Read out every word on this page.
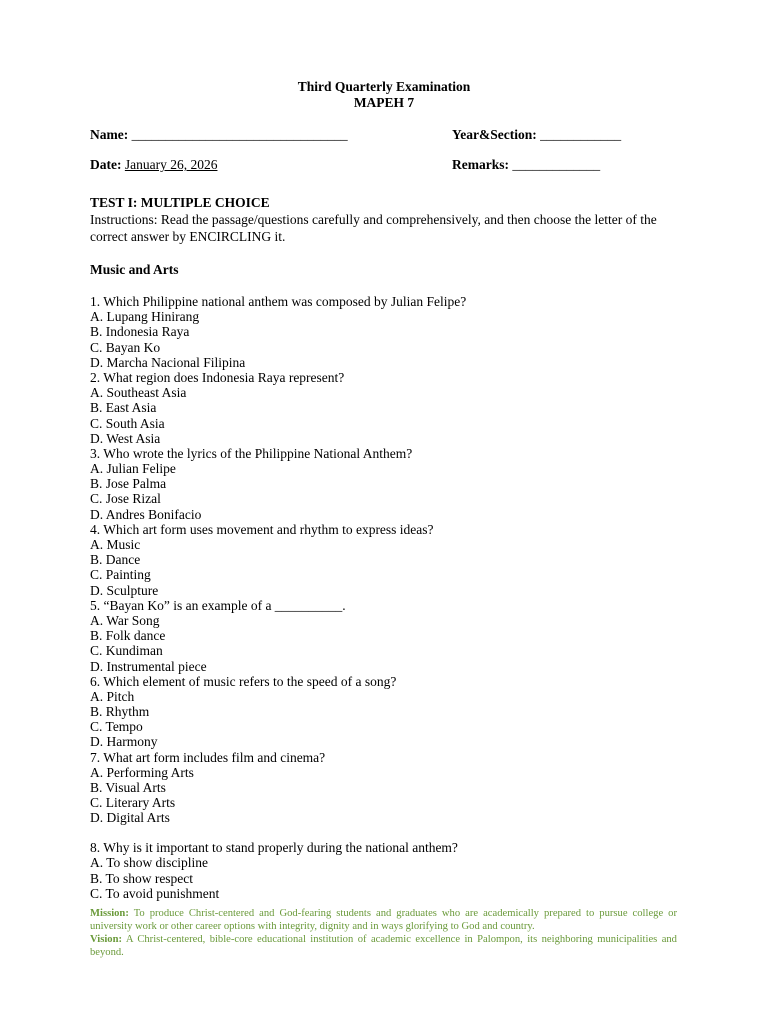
Third Quarterly Examination
MAPEH 7
Name: ________________________________	Year&Section: ____________
Date: January 26, 2026	Remarks: _____________
TEST I: MULTIPLE CHOICE
Instructions: Read the passage/questions carefully and comprehensively, and then choose the letter of the correct answer by ENCIRCLING it.
Music and Arts
1. Which Philippine national anthem was composed by Julian Felipe?
A. Lupang Hinirang
B. Indonesia Raya
C. Bayan Ko
D. Marcha Nacional Filipina
2. What region does Indonesia Raya represent?
A. Southeast Asia
B. East Asia
C. South Asia
D. West Asia
3. Who wrote the lyrics of the Philippine National Anthem?
A. Julian Felipe
B. Jose Palma
C. Jose Rizal
D. Andres Bonifacio
4. Which art form uses movement and rhythm to express ideas?
A. Music
B. Dance
C. Painting
D. Sculpture
5. “Bayan Ko” is an example of a __________.
A. War Song
B. Folk dance
C. Kundiman
D. Instrumental piece
6. Which element of music refers to the speed of a song?
A. Pitch
B. Rhythm
C. Tempo
D. Harmony
7. What art form includes film and cinema?
A. Performing Arts
B. Visual Arts
C. Literary Arts
D. Digital Arts
8. Why is it important to stand properly during the national anthem?
A. To show discipline
B. To show respect
C. To avoid punishment
Mission: To produce Christ-centered and God-fearing students and graduates who are academically prepared to pursue college or university work or other career options with integrity, dignity and in ways glorifying to God and country.
Vision: A Christ-centered, bible-core educational institution of academic excellence in Palompon, its neighboring municipalities and beyond.
